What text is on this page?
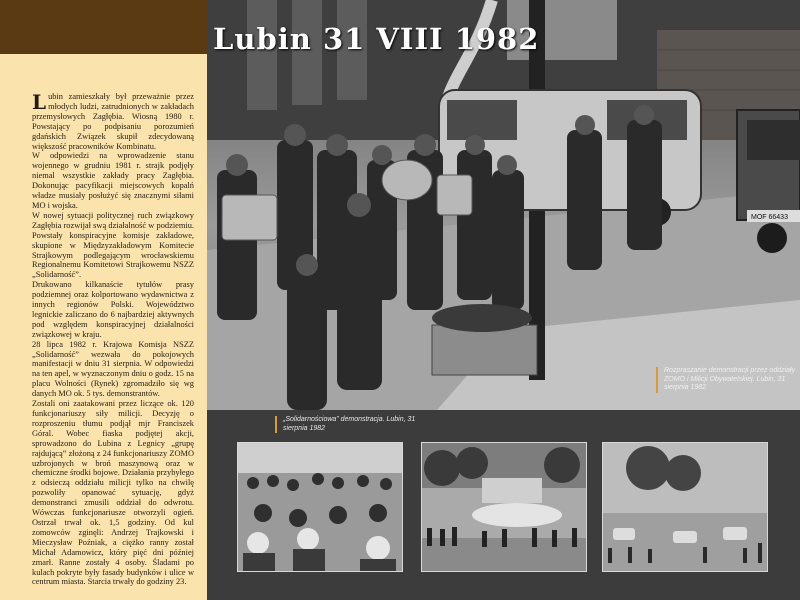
Lubin 31 VIII 1982

Lubin zamieszkały był przeważnie przez młodych ludzi, zatrudnionych w zakładach przemysłowych Zagłębia. Wiosną 1980 r. Powstający po podpisaniu porozumień gdańskich Związek skupił zdecydowaną większość pracowników Kombinatu.

W odpowiedzi na wprowadzenie stanu wojennego w grudniu 1981 r. strajk podjęły niemal wszystkie zakłady pracy Zagłębia. Dokonując pacyfikacji miejscowych kopalń władze musiały posłużyć się znacznymi siłami MO i wojska.

W nowej sytuacji politycznej ruch związkowy Zagłębia rozwijał swą działalność w podziemiu. Powstały konspiracyjne komisje zakładowe, skupione w Międzyzakładowym Komitecie Strajkowym podlegającym wrocławskiemu Regionalnemu Komitetowi Strajkowemu NSZZ „Solidarność”.

Drukowano kilkanaście tytułów prasy podziemnej oraz kolportowano wydawnictwa z innych regionów Polski. Województwo legnickie zaliczano do 6 najbardziej aktywnych pod względem konspiracyjnej działalności związkowej w kraju.

28 lipca 1982 r. Krajowa Komisja NSZZ „Solidarność” wezwała do pokojowych manifestacji w dniu 31 sierpnia. W odpowiedzi na ten apel, w wyznaczonym dniu o godz. 15 na placu Wolności (Rynek) zgromadziło się wg danych MO ok. 5 tys. demonstrantów.

Zostali oni zaatakowani przez liczące ok. 120 funkcjonariuszy siły milicji. Decyzję o rozproszeniu tłumu podjął mjr Franciszek Góral. Wobec fiaska podjętej akcji, sprowadzono do Lubina z Legnicy „grupę rajdującą” złożoną z 24 funkcjonariuszy ZOMO uzbrojonych w broń maszynową oraz w chemiczne środki bojowe. Działania przybyłego z odsieczą oddziału milicji tylko na chwilę pozwoliły opanować sytuację, gdyż demonstranci zmusili oddział do odwrotu. Wówczas funkcjonariusze otworzyli ogień. Ostrzał trwał ok. 1,5 godziny. Od kul zomowców zginęli: Andrzej Trajkowski i Mieczysław Poźniak, a ciężko ranny został Michał Adamowicz, który pięć dni później zmarł. Ranne zostały 4 osoby. Śladami po kulach pokryte były fasady budynków i ulice w centrum miasta. Starcia trwały do godziny 23.

MOF 66433
Rozpraszanie demonstracji przez oddziały ZOMO i Milicji Obywatelskiej. Lubin, 31 sierpnia 1982
„Solidarnościowa” demonstracja. Lubin, 31 sierpnia 1982
